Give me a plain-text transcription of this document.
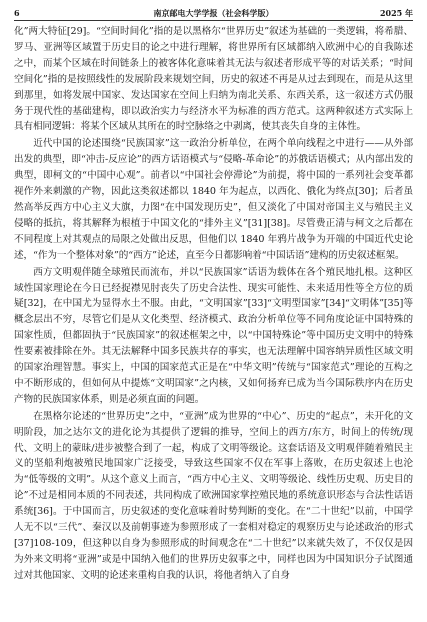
6	南京邮电大学学报（社会科学版）	2025 年

化”两大特征[29]。“空间时间化”指的是以黑格尔“世界历史”叙述为基础的一类逻辑，将希腊、罗马、亚洲等区域置于历史目的论之中进行理解，将世界所有区域都纳入欧洲中心的自我陈述之中，而某个区域在时间链条上的被客体化意味着其无法与叙述者形成平等的对话关系；“时间空间化”指的是按照线性的发展阶段来规划空间，历史的叙述不再是从过去到现在，而是从这里到那里，如将发展中国家、发达国家在空间上归纳为南北关系、东西关系，这一叙述方式仍服务于现代性的基础建构，即以政治实力与经济水平为标准的西方范式。这两种叙述方式实际上具有相同逻辑：将某个区域从其所在的时空脉络之中剥离，使其丧失自身的主体性。

近代中国的论述围绕“民族国家”这一政治分析单位，在两个单向线程之中进行——从外部出发的典型，即“冲击-反应论”的西方话语模式与“侵略-革命论”的苏俄话语模式；从内部出发的典型，即柯文的“中国中心观”。前者以“中国社会停滞论”为前提，将中国的一系列社会变革都视作外来刺激的产物，因此这类叙述都以 1840 年为起点，以西化、俄化为终点[30]；后者虽然高举反西方中心主义大旗，力图“在中国发现历史”，但又淡化了中国对帝国主义与殖民主义侵略的抵抗，将其解释为根植于中国文化的“排外主义”[31][38]。尽管费正清与柯文之后都在不同程度上对其观点的局限之处做出反思，但他们以 1840 年鸦片战争为开端的中国近代史论述，“作为一个整体对象”的“西方”论述，直至今日都影响着“中国话语”建构的历史叙述框架。

西方文明观伴随全球殖民而流布，并以“民族国家”话语为载体在各个殖民地扎根。这种区域性国家理论在今日已经捉襟见肘丧失了历史合法性、现实可能性、未来适用性等全方位的质疑[32]，在中国尤为显得水土不服。由此，“文明国家”[33]“文明型国家”[34]“文明体”[35]等概念层出不穷，尽管它们是从文化类型、经济模式、政治分析单位等不同角度论证中国特殊的国家性质，但都固执于“民族国家”的叙述框架之中，以“中国特殊论”等中国历史文明中的特殊性要素被排除在外。其无法解释中国多民族共存的事实，也无法理解中国容纳异质性区域文明的国家治理智慧。事实上，中国的国家范式正是在“中华文明”传统与“国家范式”理论的互构之中不断形成的，但如何从中提炼“文明国家”之内核，又如何扬弃已成为当今国际秩序内在历史产物的民族国家体系，则是必须直面的问题。

在黑格尔论述的“世界历史”之中，“亚洲”成为世界的“中心”、历史的“起点”，未开化的文明阶段，加之达尔文的进化论为其提供了逻辑的推导，空间上的西方/东方，时间上的传统/现代、文明上的蒙昧/进步被整合到了一起，构成了文明等级论。这套话语及文明观伴随着殖民主义的坚船利炮被殖民地国家广泛接受，导致这些国家不仅在军事上落败，在历史叙述上也沦为“低等级的文明”。从这个意义上而言，“西方中心主义、文明等级论、线性历史观、历史目的论”不过是相同本质的不同表述，共同构成了欧洲国家掌控殖民地的系统意识形态与合法性话语系统[36]。于中国而言，历史叙述的变化意味着时势判断的变化。在“二十世纪”以前，中国学人无不以“三代”、秦汉以及前朝事迹为参照形成了一套相对稳定的观察历史与论述政治的形式[37]108-109，但这种以自身为参照形成的时间观念在“二十世纪”以来就失效了，不仅仅是因为外来文明将“亚洲”或是中国纳入他们的世界历史叙事之中，同样也因为中国知识分子试图通过对其他国家、文明的论述来重构自我的认识，将他者纳入了自身
